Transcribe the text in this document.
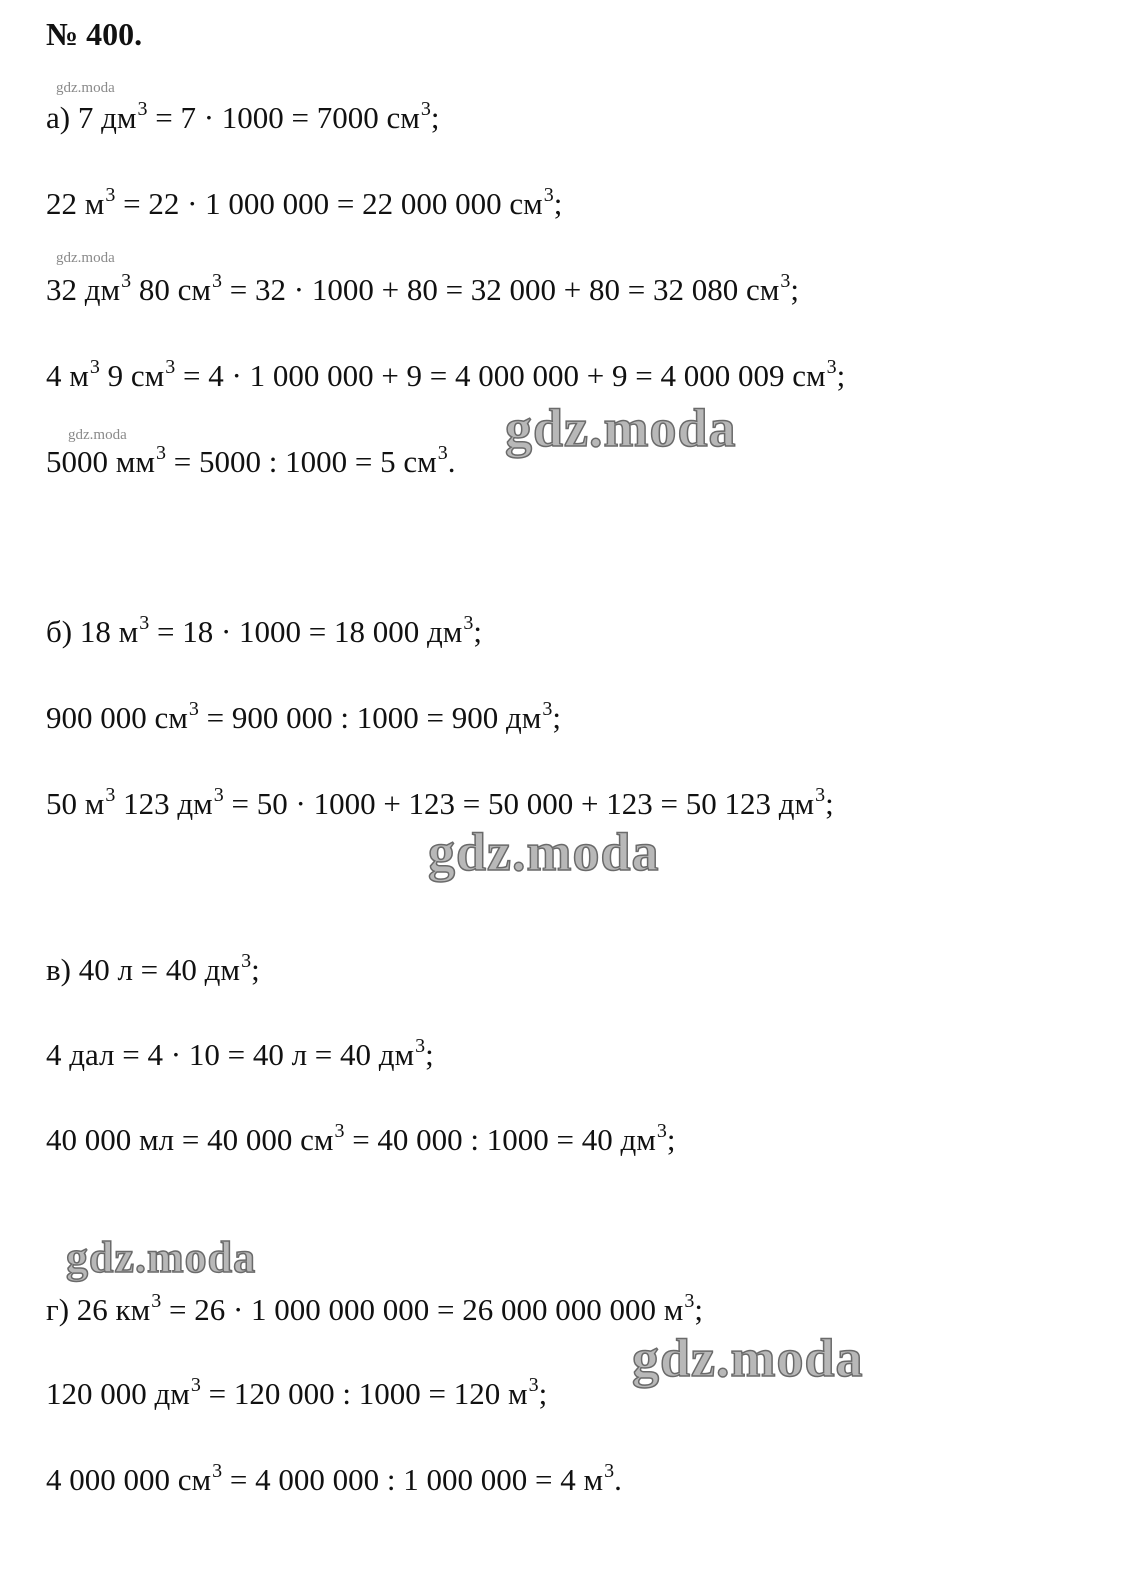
№ 400.
а) 7 $дм^3 = 7 \cdot 1000 = 7000$ $см^3$;
22 $м^3 = 22 \cdot 1$ 000 000 = 22 000 000 $см^3$;
32 $дм^3$ 80 $см^3 = 32 \cdot 1000 + 80 = 32$ 000 + 80 = 32 080 $см^3$;
4 $м^3$ 9 $см^3 = 4 \cdot 1$ 000 000 + 9 = 4 000 000 + 9 = 4 000 009 $см^3$;
5000 $мм^3 = 5000$ : 1000 = 5 $см^3$.
б) 18 $м^3 = 18 \cdot 1000 = 18$ 000 $дм^3$;
900 000 $см^3 = 900$ 000 : 1000 = 900 $дм^3$;
50 $м^3$ 123 $дм^3 = 50 \cdot 1000 + 123 = 50$ 000 + 123 = 50 123 $дм^3$;
в) 40 л = 40 $дм^3$;
4 дал = 4 · 10 = 40 л = 40 $дм^3$;
40 000 мл = 40 000 $см^3 = 40$ 000 : 1000 = 40 $дм^3$;
г) 26 $км^3 = 26 \cdot 1$ 000 000 000 = 26 000 000 000 $м^3$;
120 000 $дм^3 = 120$ 000 : 1000 = 120 $м^3$;
4 000 000 $см^3 = 4$ 000 000 : 1 000 000 = 4 $м^3$.
gdz.moda
gdz.moda
gdz.moda	gdz.moda
gdz.moda
gdz.moda
gdz.moda
